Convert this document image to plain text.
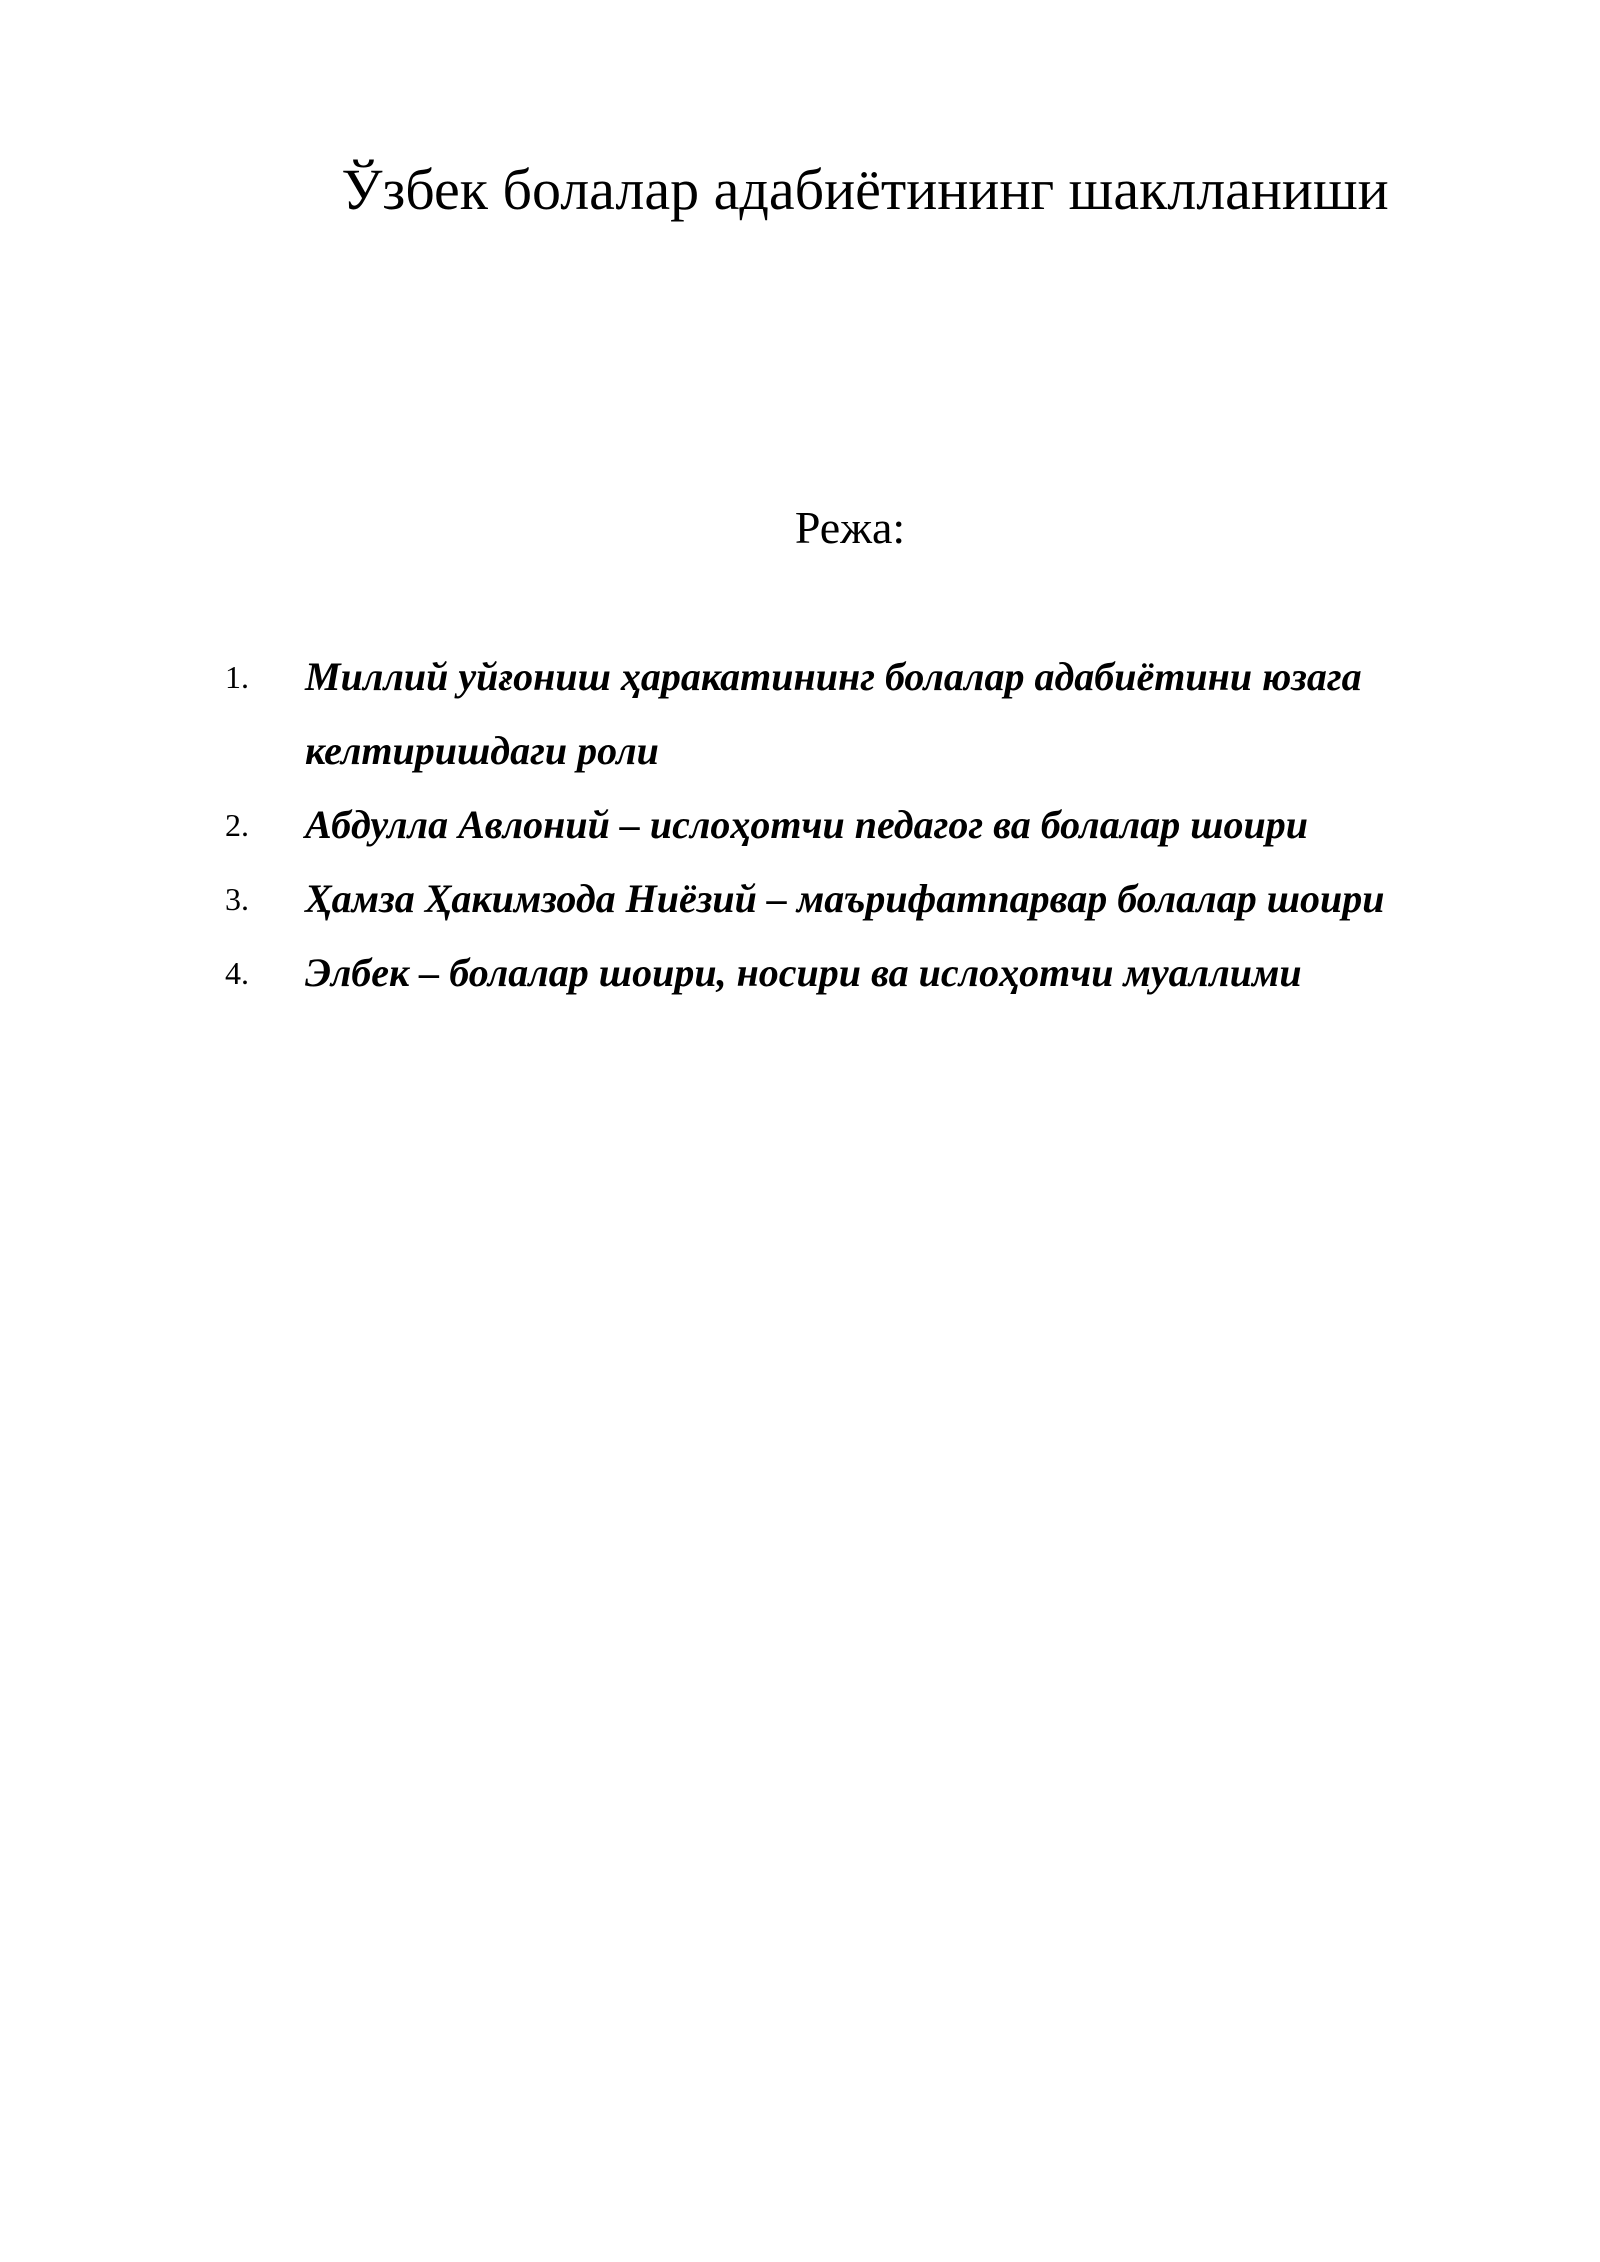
Ўзбек болалар адабиётининг шаклланиши
Режа:
1. Миллий уйғониш ҳаракатининг болалар адабиётини юзага келтиришдаги роли
2. Абдулла Авлоний – ислоҳотчи педагог ва болалар шоири
3. Ҳамза Ҳакимзода Ниёзий – маърифатпарвар болалар шоири
4. Элбек – болалар шоири, носири ва ислоҳотчи муаллими
